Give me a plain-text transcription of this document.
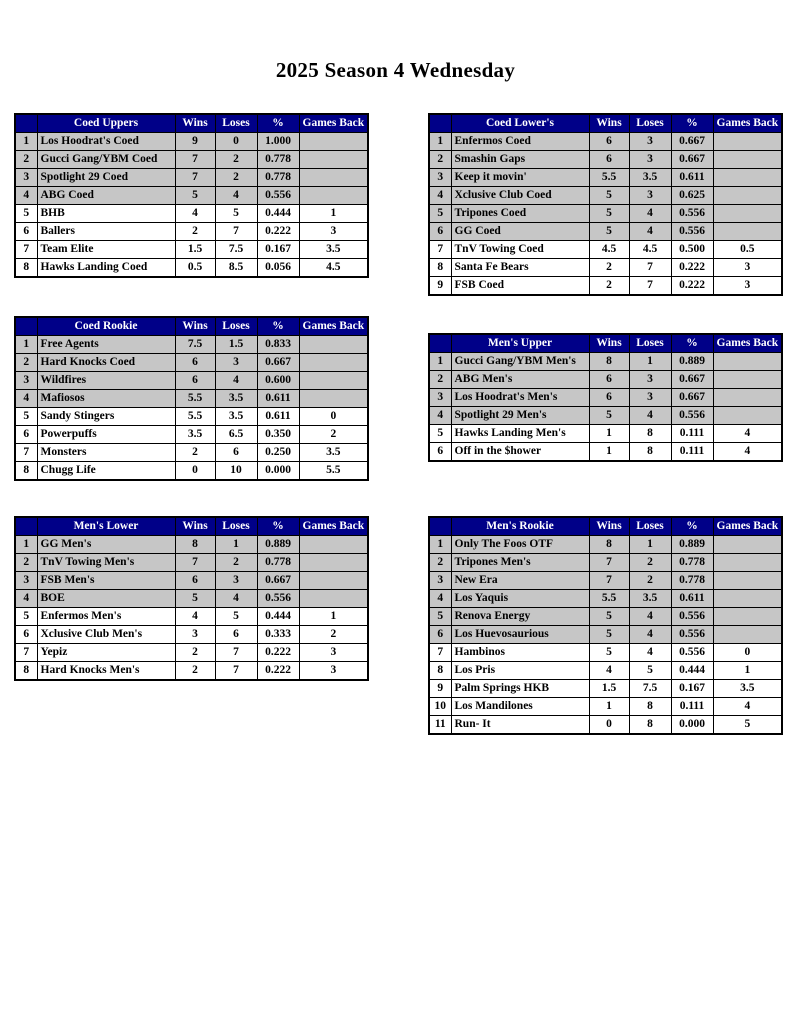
2025 Season 4 Wednesday
	Coed Uppers	Wins	Loses	%	Games Back
1	Los Hoodrat's Coed	9	0	1.000	
2	Gucci Gang/YBM Coed	7	2	0.778	
3	Spotlight 29 Coed	7	2	0.778	
4	ABG Coed	5	4	0.556	
5	BHB	4	5	0.444	1
6	Ballers	2	7	0.222	3
7	Team Elite	1.5	7.5	0.167	3.5
8	Hawks Landing Coed	0.5	8.5	0.056	4.5
	Coed Lower's	Wins	Loses	%	Games Back
1	Enfermos Coed	6	3	0.667	
2	Smashin Gaps	6	3	0.667	
3	Keep it movin'	5.5	3.5	0.611	
4	Xclusive Club Coed	5	3	0.625	
5	Tripones Coed	5	4	0.556	
6	GG Coed	5	4	0.556	
7	TnV Towing Coed	4.5	4.5	0.500	0.5
8	Santa Fe Bears	2	7	0.222	3
9	FSB Coed	2	7	0.222	3
	Coed Rookie	Wins	Loses	%	Games Back
1	Free Agents	7.5	1.5	0.833	
2	Hard Knocks Coed	6	3	0.667	
3	Wildfires	6	4	0.600	
4	Mafiosos	5.5	3.5	0.611	
5	Sandy Stingers	5.5	3.5	0.611	0
6	Powerpuffs	3.5	6.5	0.350	2
7	Monsters	2	6	0.250	3.5
8	Chugg Life	0	10	0.000	5.5
	Men's Upper	Wins	Loses	%	Games Back
1	Gucci Gang/YBM Men's	8	1	0.889	
2	ABG Men's	6	3	0.667	
3	Los Hoodrat's Men's	6	3	0.667	
4	Spotlight 29 Men's	5	4	0.556	
5	Hawks Landing Men's	1	8	0.111	4
6	Off in the $hower	1	8	0.111	4
	Men's Lower	Wins	Loses	%	Games Back
1	GG Men's	8	1	0.889	
2	TnV Towing Men's	7	2	0.778	
3	FSB Men's	6	3	0.667	
4	BOE	5	4	0.556	
5	Enfermos Men's	4	5	0.444	1
6	Xclusive Club Men's	3	6	0.333	2
7	Yepiz	2	7	0.222	3
8	Hard Knocks Men's	2	7	0.222	3
	Men's Rookie	Wins	Loses	%	Games Back
1	Only The Foos OTF	8	1	0.889	
2	Tripones Men's	7	2	0.778	
3	New Era	7	2	0.778	
4	Los Yaquis	5.5	3.5	0.611	
5	Renova Energy	5	4	0.556	
6	Los Huevosaurious	5	4	0.556	
7	Hambinos	5	4	0.556	0
8	Los Pris	4	5	0.444	1
9	Palm Springs HKB	1.5	7.5	0.167	3.5
10	Los Mandilones	1	8	0.111	4
11	Run- It	0	8	0.000	5
